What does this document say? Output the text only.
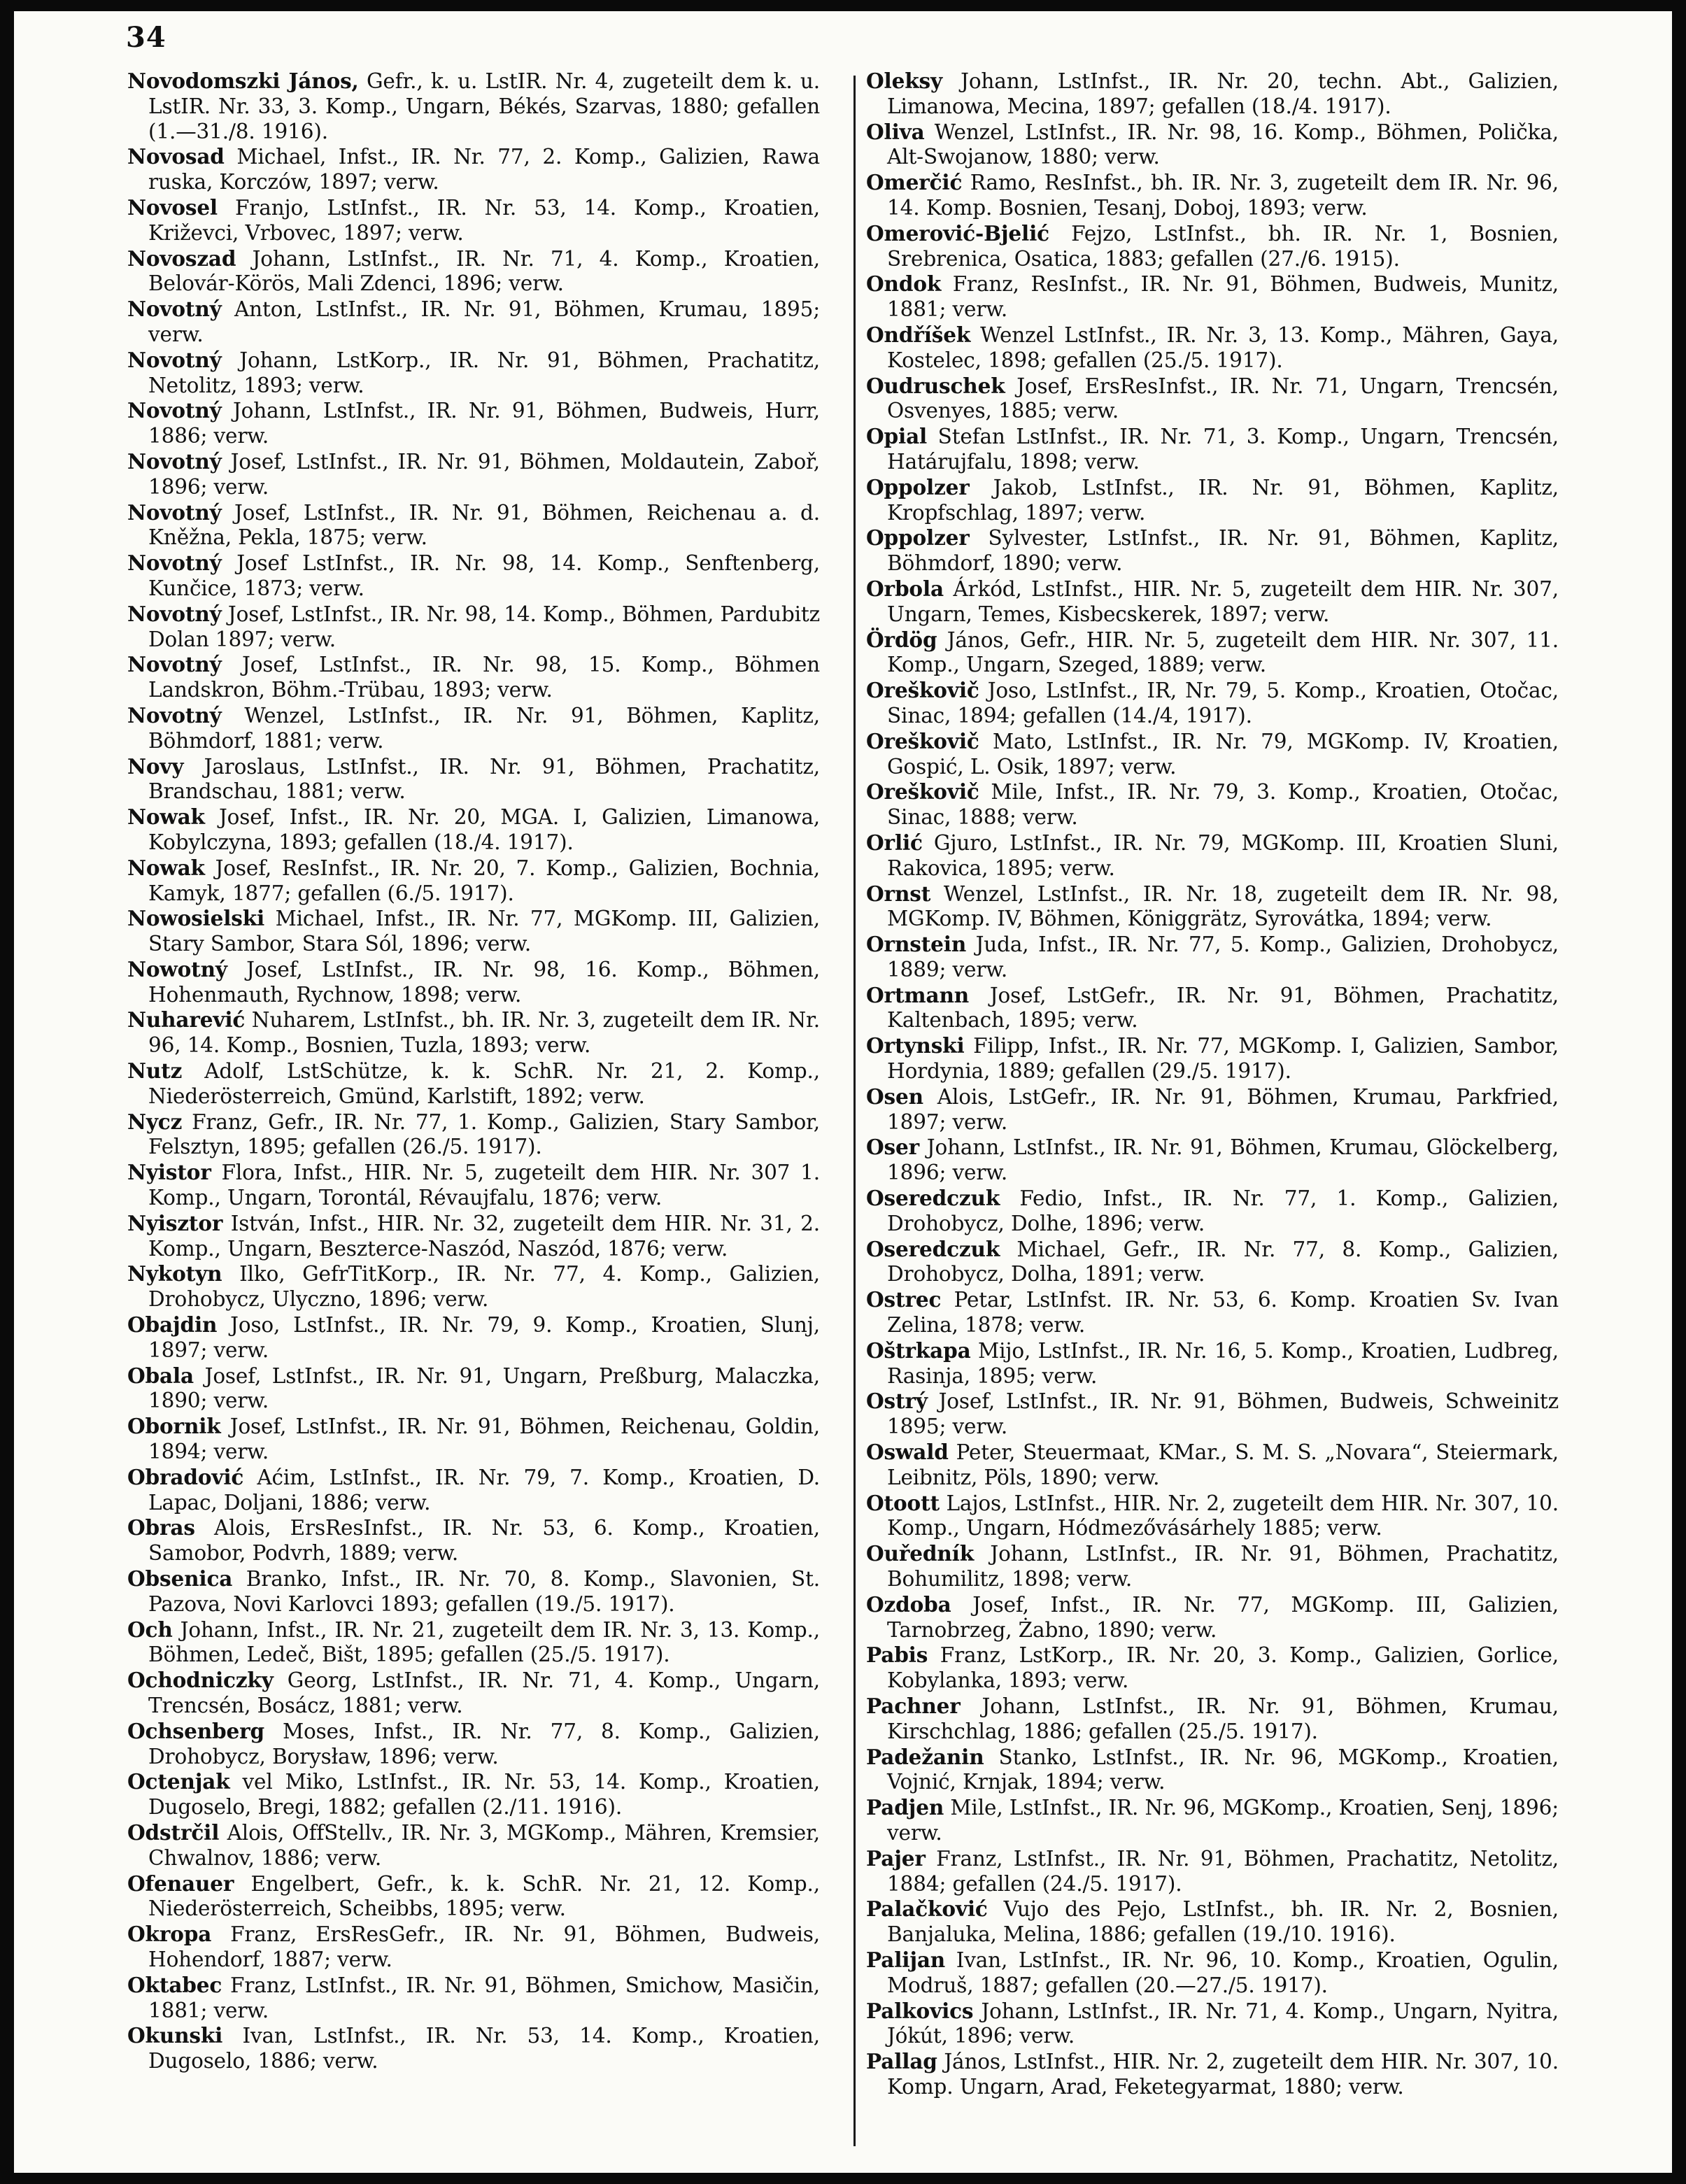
34

Novodomszki János, Gefr., k. u. LstIR. Nr. 4, zugeteilt dem k. u. LstIR. Nr. 33, 3. Komp., Ungarn, Békés, Szarvas, 1880; gefallen (1.—31./8. 1916).

Novosad Michael, Infst., IR. Nr. 77, 2. Komp., Galizien, Rawa ruska, Korczów, 1897; verw.

Novosel Franjo, LstInfst., IR. Nr. 53, 14. Komp., Kroatien, Križevci, Vrbovec, 1897; verw.

Novoszad Johann, LstInfst., IR. Nr. 71, 4. Komp., Kroatien, Belovár-Körös, Mali Zdenci, 1896; verw.

Novotný Anton, LstInfst., IR. Nr. 91, Böhmen, Krumau, 1895; verw.

Novotný Johann, LstKorp., IR. Nr. 91, Böhmen, Prachatitz, Netolitz, 1893; verw.

Novotný Johann, LstInfst., IR. Nr. 91, Böhmen, Budweis, Hurr, 1886; verw.

Novotný Josef, LstInfst., IR. Nr. 91, Böhmen, Moldautein, Zaboř, 1896; verw.

Novotný Josef, LstInfst., IR. Nr. 91, Böhmen, Reichenau a. d. Kněžna, Pekla, 1875; verw.

Novotný Josef LstInfst., IR. Nr. 98, 14. Komp., Senftenberg, Kunčice, 1873; verw.

Novotný Josef, LstInfst., IR. Nr. 98, 14. Komp., Böhmen, Pardubitz Dolan 1897; verw.

Novotný Josef, LstInfst., IR. Nr. 98, 15. Komp., Böhmen Landskron, Böhm.-Trübau, 1893; verw.

Novotný Wenzel, LstInfst., IR. Nr. 91, Böhmen, Kaplitz, Böhmdorf, 1881; verw.

Novy Jaroslaus, LstInfst., IR. Nr. 91, Böhmen, Prachatitz, Brandschau, 1881; verw.

Nowak Josef, Infst., IR. Nr. 20, MGA. I, Galizien, Limanowa, Kobylczyna, 1893; gefallen (18./4. 1917).

Nowak Josef, ResInfst., IR. Nr. 20, 7. Komp., Galizien, Bochnia, Kamyk, 1877; gefallen (6./5. 1917).

Nowosielski Michael, Infst., IR. Nr. 77, MGKomp. III, Galizien, Stary Sambor, Stara Sól, 1896; verw.

Nowotný Josef, LstInfst., IR. Nr. 98, 16. Komp., Böhmen, Hohenmauth, Rychnow, 1898; verw.

Nuharević Nuharem, LstInfst., bh. IR. Nr. 3, zugeteilt dem IR. Nr. 96, 14. Komp., Bosnien, Tuzla, 1893; verw.

Nutz Adolf, LstSchütze, k. k. SchR. Nr. 21, 2. Komp., Niederösterreich, Gmünd, Karlstift, 1892; verw.

Nycz Franz, Gefr., IR. Nr. 77, 1. Komp., Galizien, Stary Sambor, Felsztyn, 1895; gefallen (26./5. 1917).

Nyistor Flora, Infst., HIR. Nr. 5, zugeteilt dem HIR. Nr. 307 1. Komp., Ungarn, Torontál, Révaujfalu, 1876; verw.

Nyisztor István, Infst., HIR. Nr. 32, zugeteilt dem HIR. Nr. 31, 2. Komp., Ungarn, Beszterce-Naszód, Naszód, 1876; verw.

Nykotyn Ilko, GefrTitKorp., IR. Nr. 77, 4. Komp., Galizien, Drohobycz, Ulyczno, 1896; verw.

Obajdin Joso, LstInfst., IR. Nr. 79, 9. Komp., Kroatien, Slunj, 1897; verw.

Obala Josef, LstInfst., IR. Nr. 91, Ungarn, Preßburg, Malaczka, 1890; verw.

Obornik Josef, LstInfst., IR. Nr. 91, Böhmen, Reichenau, Goldin, 1894; verw.

Obradović Aćim, LstInfst., IR. Nr. 79, 7. Komp., Kroatien, D. Lapac, Doljani, 1886; verw.

Obras Alois, ErsResInfst., IR. Nr. 53, 6. Komp., Kroatien, Samobor, Podvrh, 1889; verw.

Obsenica Branko, Infst., IR. Nr. 70, 8. Komp., Slavonien, St. Pazova, Novi Karlovci 1893; gefallen (19./5. 1917).

Och Johann, Infst., IR. Nr. 21, zugeteilt dem IR. Nr. 3, 13. Komp., Böhmen, Ledeč, Bišt, 1895; gefallen (25./5. 1917).

Ochodniczky Georg, LstInfst., IR. Nr. 71, 4. Komp., Ungarn, Trencsén, Bosácz, 1881; verw.

Ochsenberg Moses, Infst., IR. Nr. 77, 8. Komp., Galizien, Drohobycz, Borysław, 1896; verw.

Octenjak vel Miko, LstInfst., IR. Nr. 53, 14. Komp., Kroatien, Dugoselo, Bregi, 1882; gefallen (2./11. 1916).

Odstrčil Alois, OffStellv., IR. Nr. 3, MGKomp., Mähren, Kremsier, Chwalnov, 1886; verw.

Ofenauer Engelbert, Gefr., k. k. SchR. Nr. 21, 12. Komp., Niederösterreich, Scheibbs, 1895; verw.

Okropa Franz, ErsResGefr., IR. Nr. 91, Böhmen, Budweis, Hohendorf, 1887; verw.

Oktabec Franz, LstInfst., IR. Nr. 91, Böhmen, Smichow, Masičin, 1881; verw.

Okunski Ivan, LstInfst., IR. Nr. 53, 14. Komp., Kroatien, Dugoselo, 1886; verw.

Oleksy Johann, LstInfst., IR. Nr. 20, techn. Abt., Galizien, Limanowa, Mecina, 1897; gefallen (18./4. 1917).

Oliva Wenzel, LstInfst., IR. Nr. 98, 16. Komp., Böhmen, Polička, Alt-Swojanow, 1880; verw.

Omerčić Ramo, ResInfst., bh. IR. Nr. 3, zugeteilt dem IR. Nr. 96, 14. Komp. Bosnien, Tesanj, Doboj, 1893; verw.

Omerović-Bjelić Fejzo, LstInfst., bh. IR. Nr. 1, Bosnien, Srebrenica, Osatica, 1883; gefallen (27./6. 1915).

Ondok Franz, ResInfst., IR. Nr. 91, Böhmen, Budweis, Munitz, 1881; verw.

Ondříšek Wenzel LstInfst., IR. Nr. 3, 13. Komp., Mähren, Gaya, Kostelec, 1898; gefallen (25./5. 1917).

Oudruschek Josef, ErsResInfst., IR. Nr. 71, Ungarn, Trencsén, Osvenyes, 1885; verw.

Opial Stefan LstInfst., IR. Nr. 71, 3. Komp., Ungarn, Trencsén, Határujfalu, 1898; verw.

Oppolzer Jakob, LstInfst., IR. Nr. 91, Böhmen, Kaplitz, Kropfschlag, 1897; verw.

Oppolzer Sylvester, LstInfst., IR. Nr. 91, Böhmen, Kaplitz, Böhmdorf, 1890; verw.

Orbola Árkód, LstInfst., HIR. Nr. 5, zugeteilt dem HIR. Nr. 307, Ungarn, Temes, Kisbecskerek, 1897; verw.

Ördög János, Gefr., HIR. Nr. 5, zugeteilt dem HIR. Nr. 307, 11. Komp., Ungarn, Szeged, 1889; verw.

Oreškovič Joso, LstInfst., IR, Nr. 79, 5. Komp., Kroatien, Otočac, Sinac, 1894; gefallen (14./4, 1917).

Oreškovič Mato, LstInfst., IR. Nr. 79, MGKomp. IV, Kroatien, Gospić, L. Osik, 1897; verw.

Oreškovič Mile, Infst., IR. Nr. 79, 3. Komp., Kroatien, Otočac, Sinac, 1888; verw.

Orlić Gjuro, LstInfst., IR. Nr. 79, MGKomp. III, Kroatien Sluni, Rakovica, 1895; verw.

Ornst Wenzel, LstInfst., IR. Nr. 18, zugeteilt dem IR. Nr. 98, MGKomp. IV, Böhmen, Königgrätz, Syrovátka, 1894; verw.

Ornstein Juda, Infst., IR. Nr. 77, 5. Komp., Galizien, Drohobycz, 1889; verw.

Ortmann Josef, LstGefr., IR. Nr. 91, Böhmen, Prachatitz, Kaltenbach, 1895; verw.

Ortynski Filipp, Infst., IR. Nr. 77, MGKomp. I, Galizien, Sambor, Hordynia, 1889; gefallen (29./5. 1917).

Osen Alois, LstGefr., IR. Nr. 91, Böhmen, Krumau, Parkfried, 1897; verw.

Oser Johann, LstInfst., IR. Nr. 91, Böhmen, Krumau, Glöckelberg, 1896; verw.

Oseredczuk Fedio, Infst., IR. Nr. 77, 1. Komp., Galizien, Drohobycz, Dolhe, 1896; verw.

Oseredczuk Michael, Gefr., IR. Nr. 77, 8. Komp., Galizien, Drohobycz, Dolha, 1891; verw.

Ostrec Petar, LstInfst. IR. Nr. 53, 6. Komp. Kroatien Sv. Ivan Zelina, 1878; verw.

Oštrkapa Mijo, LstInfst., IR. Nr. 16, 5. Komp., Kroatien, Ludbreg, Rasinja, 1895; verw.

Ostrý Josef, LstInfst., IR. Nr. 91, Böhmen, Budweis, Schweinitz 1895; verw.

Oswald Peter, Steuermaat, KMar., S. M. S. „Novara“, Steiermark, Leibnitz, Pöls, 1890; verw.

Otoott Lajos, LstInfst., HIR. Nr. 2, zugeteilt dem HIR. Nr. 307, 10. Komp., Ungarn, Hódmezővásárhely 1885; verw.

Ouředník Johann, LstInfst., IR. Nr. 91, Böhmen, Prachatitz, Bohumilitz, 1898; verw.

Ozdoba Josef, Infst., IR. Nr. 77, MGKomp. III, Galizien, Tarnobrzeg, Żabno, 1890; verw.

Pabis Franz, LstKorp., IR. Nr. 20, 3. Komp., Galizien, Gorlice, Kobylanka, 1893; verw.

Pachner Johann, LstInfst., IR. Nr. 91, Böhmen, Krumau, Kirschchlag, 1886; gefallen (25./5. 1917).

Padežanin Stanko, LstInfst., IR. Nr. 96, MGKomp., Kroatien, Vojnić, Krnjak, 1894; verw.

Padjen Mile, LstInfst., IR. Nr. 96, MGKomp., Kroatien, Senj, 1896; verw.

Pajer Franz, LstInfst., IR. Nr. 91, Böhmen, Prachatitz, Netolitz, 1884; gefallen (24./5. 1917).

Palačković Vujo des Pejo, LstInfst., bh. IR. Nr. 2, Bosnien, Banjaluka, Melina, 1886; gefallen (19./10. 1916).

Palijan Ivan, LstInfst., IR. Nr. 96, 10. Komp., Kroatien, Ogulin, Modruš, 1887; gefallen (20.—27./5. 1917).

Palkovics Johann, LstInfst., IR. Nr. 71, 4. Komp., Ungarn, Nyitra, Jókút, 1896; verw.

Pallag János, LstInfst., HIR. Nr. 2, zugeteilt dem HIR. Nr. 307, 10. Komp. Ungarn, Arad, Feketegyarmat, 1880; verw.
